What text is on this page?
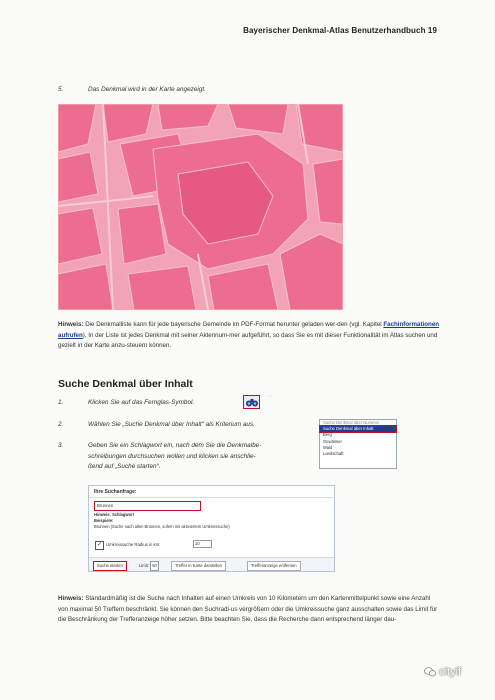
Bayerischer Denkmal-Atlas Benutzerhandbuch 19
5.	Das Denkmal wird in der Karte angezeigt.
Hinweis: Die Denkmalliste kann für jede bayerische Gemeinde im PDF-Format herunter geladen wer-den (vgl. Kapitel Fachinformationen aufrufen). In der Liste ist jedes Denkmal mit seiner Aktennum-mer aufgeführt, so dass Sie es mit dieser Funktionalität im Atlas suchen und gezielt in der Karte anzu-steuern können.
Suche Denkmal über Inhalt
1.	Klicken Sie auf das Fernglas-Symbol.
2.	Wählen Sie „Suche Denkmal über Inhalt“ als Kriterium aus.	Suche Denkmal über Nummer
Suche Denkmal über Inhalt
Berg
Gewässer
Wald
Landschaft
3.	Geben Sie ein Schlagwort ein, nach dem Sie die Denkmalbe-
schreibungen durchsuchen wollen und klicken sie anschlie-
ßend auf „Suche starten“.
Ihre Suchanfrage:
Brunnen
Hinweis: Schlagwort
Beispiele:
Brunnen (Suche nach allen Brunnen, sofern mit aktiviertem Umkreissuche)
✓ Umkreissuche Radius in km:	10
Suche starten	Limit: 50	Treffer in Karte darstellen	Trefferanzeige entfernen
Hinweis: Standardmäßig ist die Suche nach Inhalten auf einen Umkreis von 10 Kilometern um den Kartenmittelpunkt sowie eine Anzahl von maximal 50 Treffern beschränkt. Sie können den Suchradi-us vergrößern oder die Umkreissuche ganz ausschalten sowie das Limit für die Beschränkung der Trefferanzeige höher setzen. Bitte beachten Sie, dass die Recherche dann entsprechend länger dau-
cityif
